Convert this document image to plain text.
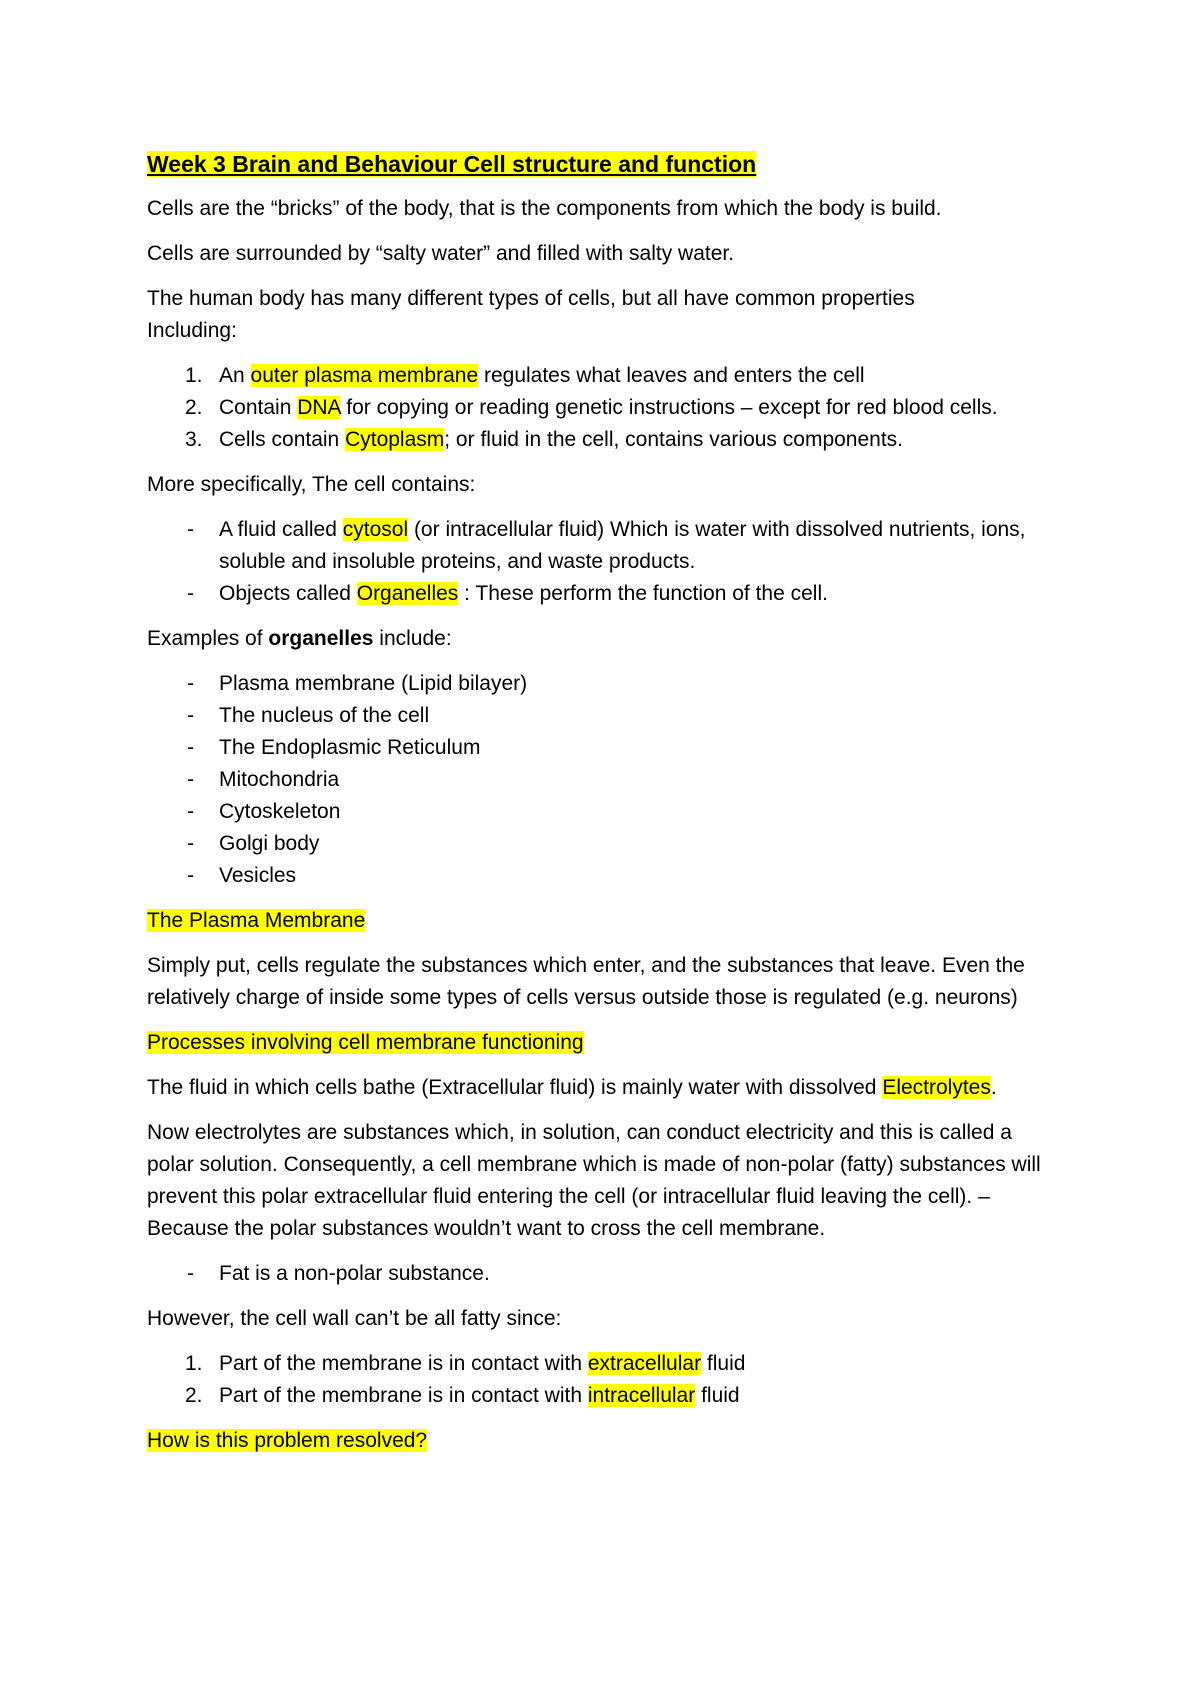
Week 3 Brain and Behaviour Cell structure and function

Cells are the “bricks” of the body, that is the components from which the body is build.

Cells are surrounded by “salty water” and filled with salty water.

The human body has many different types of cells, but all have common properties
Including:

1. An outer plasma membrane regulates what leaves and enters the cell
2. Contain DNA for copying or reading genetic instructions – except for red blood cells.
3. Cells contain Cytoplasm; or fluid in the cell, contains various components.

More specifically, The cell contains:

- A fluid called cytosol (or intracellular fluid) Which is water with dissolved nutrients, ions, soluble and insoluble proteins, and waste products.
- Objects called Organelles : These perform the function of the cell.

Examples of organelles include:

- Plasma membrane (Lipid bilayer)
- The nucleus of the cell
- The Endoplasmic Reticulum
- Mitochondria
- Cytoskeleton
- Golgi body
- Vesicles

The Plasma Membrane

Simply put, cells regulate the substances which enter, and the substances that leave. Even the relatively charge of inside some types of cells versus outside those is regulated (e.g. neurons)

Processes involving cell membrane functioning

The fluid in which cells bathe (Extracellular fluid) is mainly water with dissolved Electrolytes.

Now electrolytes are substances which, in solution, can conduct electricity and this is called a polar solution. Consequently, a cell membrane which is made of non-polar (fatty) substances will prevent this polar extracellular fluid entering the cell (or intracellular fluid leaving the cell). – Because the polar substances wouldn’t want to cross the cell membrane.

- Fat is a non-polar substance.

However, the cell wall can’t be all fatty since:

1. Part of the membrane is in contact with extracellular fluid
2. Part of the membrane is in contact with intracellular fluid

How is this problem resolved?
